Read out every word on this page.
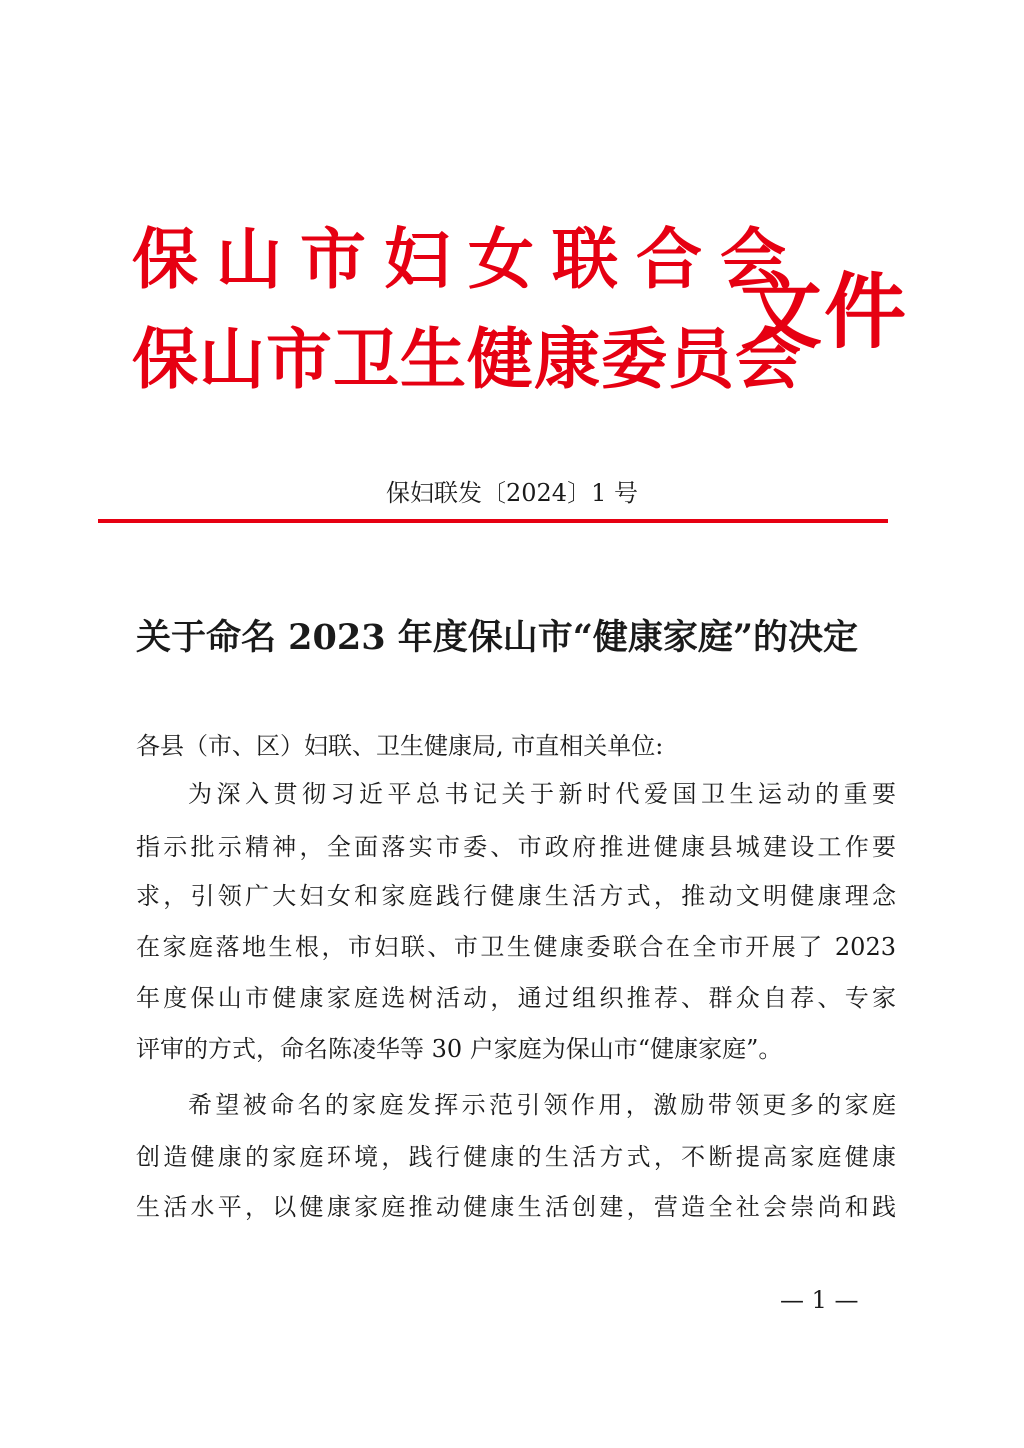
保山市妇女联合会
保山市卫生健康委员会
文件
保妇联发〔2024〕1 号
关于命名 2023 年度保山市“健康家庭”的决定
各县（市、区）妇联、卫生健康局, 市直相关单位:
为深入贯彻习近平总书记关于新时代爱国卫生运动的重要
指示批示精神，全面落实市委、市政府推进健康县城建设工作要
求，引领广大妇女和家庭践行健康生活方式，推动文明健康理念
在家庭落地生根，市妇联、市卫生健康委联合在全市开展了 2023
年度保山市健康家庭选树活动，通过组织推荐、群众自荐、专家
评审的方式，命名陈凌华等 30 户家庭为保山市“健康家庭”。
希望被命名的家庭发挥示范引领作用，激励带领更多的家庭
创造健康的家庭环境，践行健康的生活方式，不断提高家庭健康
生活水平，以健康家庭推动健康生活创建，营造全社会崇尚和践
— 1 —
